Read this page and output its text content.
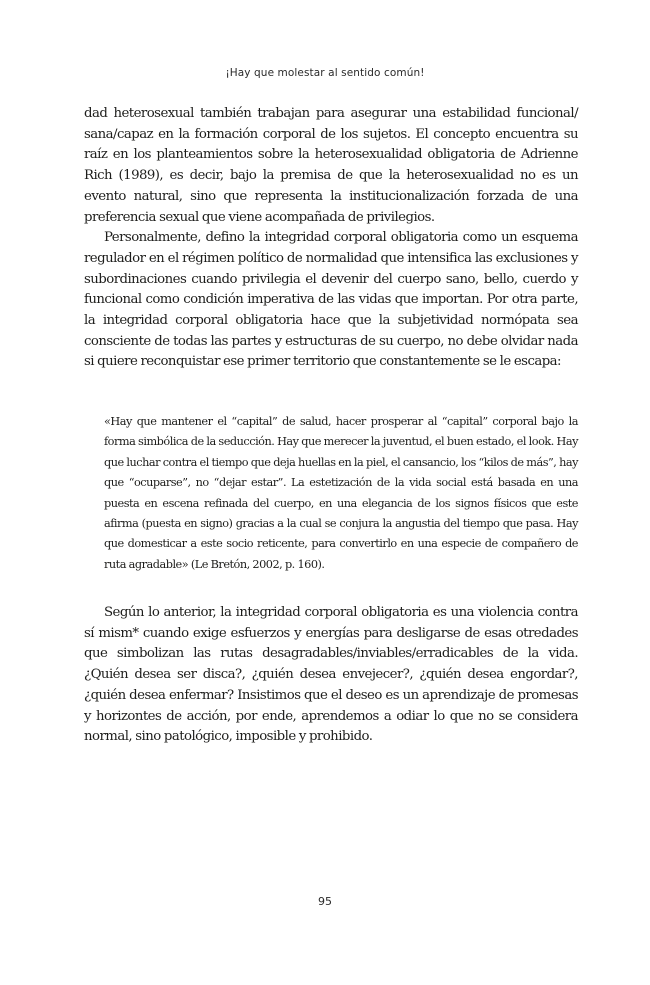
¡Hay que molestar al sentido común!

dad heterosexual también trabajan para asegurar una estabilidad funcional/ sana/capaz en la formación corporal de los sujetos. El concepto encuentra su raíz en los planteamientos sobre la heterosexualidad obligatoria de Adrienne Rich (1989), es decir, bajo la premisa de que la heterosexualidad no es un evento natural, sino que representa la institucionalización forzada de una preferencia sexual que viene acompañada de privilegios.

Personalmente, defino la integridad corporal obligatoria como un esquema regulador en el régimen político de normalidad que intensifica las exclusiones y subordinaciones cuando privilegia el devenir del cuerpo sano, bello, cuerdo y funcional como condición imperativa de las vidas que importan. Por otra parte, la integridad corporal obligatoria hace que la subjetividad normópata sea consciente de todas las partes y estructuras de su cuerpo, no debe olvidar nada si quiere reconquistar ese primer territorio que constantemente se le escapa:

«Hay que mantener el “capital” de salud, hacer prosperar al “capital” corporal bajo la forma simbólica de la seducción. Hay que merecer la juventud, el buen estado, el look. Hay que luchar contra el tiempo que deja huellas en la piel, el cansancio, los “kilos de más”, hay que “ocuparse”, no “dejar estar”. La estetización de la vida social está basada en una puesta en escena refinada del cuerpo, en una elegancia de los signos físicos que este afirma (puesta en signo) gracias a la cual se conjura la angustia del tiempo que pasa. Hay que domesticar a este socio reticente, para convertirlo en una especie de compañero de ruta agradable» (Le Bretón, 2002, p. 160).

Según lo anterior, la integridad corporal obligatoria es una violencia contra sí mism* cuando exige esfuerzos y energías para desligarse de esas otredades que simbolizan las rutas desagradables/inviables/erradicables de la vida. ¿Quién desea ser disca?, ¿quién desea envejecer?, ¿quién desea engordar?, ¿quién desea enfermar? Insistimos que el deseo es un aprendizaje de promesas y horizontes de acción, por ende, aprendemos a odiar lo que no se considera normal, sino patológico, imposible y prohibido.

95
